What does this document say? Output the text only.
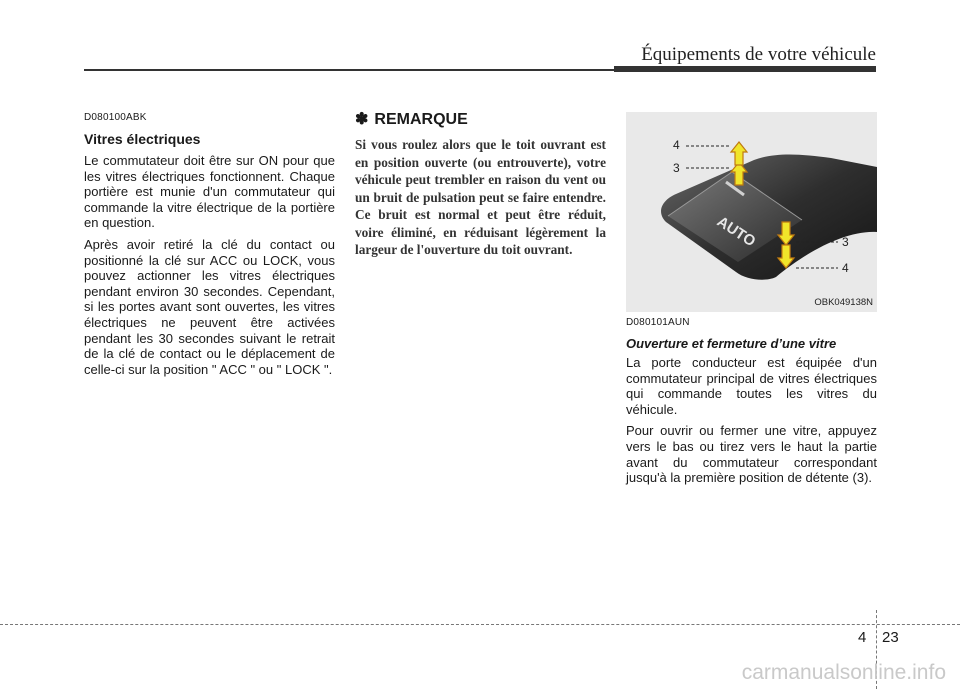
Équipements de votre véhicule
D080100ABK
Vitres électriques

Le commutateur doit être sur ON pour que les vitres électriques fonctionnent. Chaque portière est munie d'un commutateur qui commande la vitre électrique de la portière en question.

Après avoir retiré la clé du contact ou positionné la clé sur ACC ou LOCK, vous pouvez actionner les vitres électriques pendant environ 30 secondes. Cependant, si les portes avant sont ouvertes, les vitres électriques ne peuvent être activées pendant les 30 secondes suivant le retrait de la clé de contact ou le déplacement de celle-ci sur la position " ACC " ou " LOCK ".

✽ REMARQUE

Si vous roulez alors que le toit ouvrant est en position ouverte (ou entrouverte), votre véhicule peut trembler en raison du vent ou un bruit de pulsation peut se faire entendre. Ce bruit est normal et peut être réduit, voire éliminé, en réduisant légèrement la largeur de l'ouverture du toit ouvrant.	AUTO
4
3
3
4
OBK049138N
D080101AUN
Ouverture et fermeture d’une vitre

La porte conducteur est équipée d'un commutateur principal de vitres électriques qui commande toutes les vitres du véhicule.

Pour ouvrir ou fermer une vitre, appuyez vers le bas ou tirez vers le haut la partie avant du commutateur correspondant jusqu'à la première position de détente (3).

4 23
carmanualsonline.info
